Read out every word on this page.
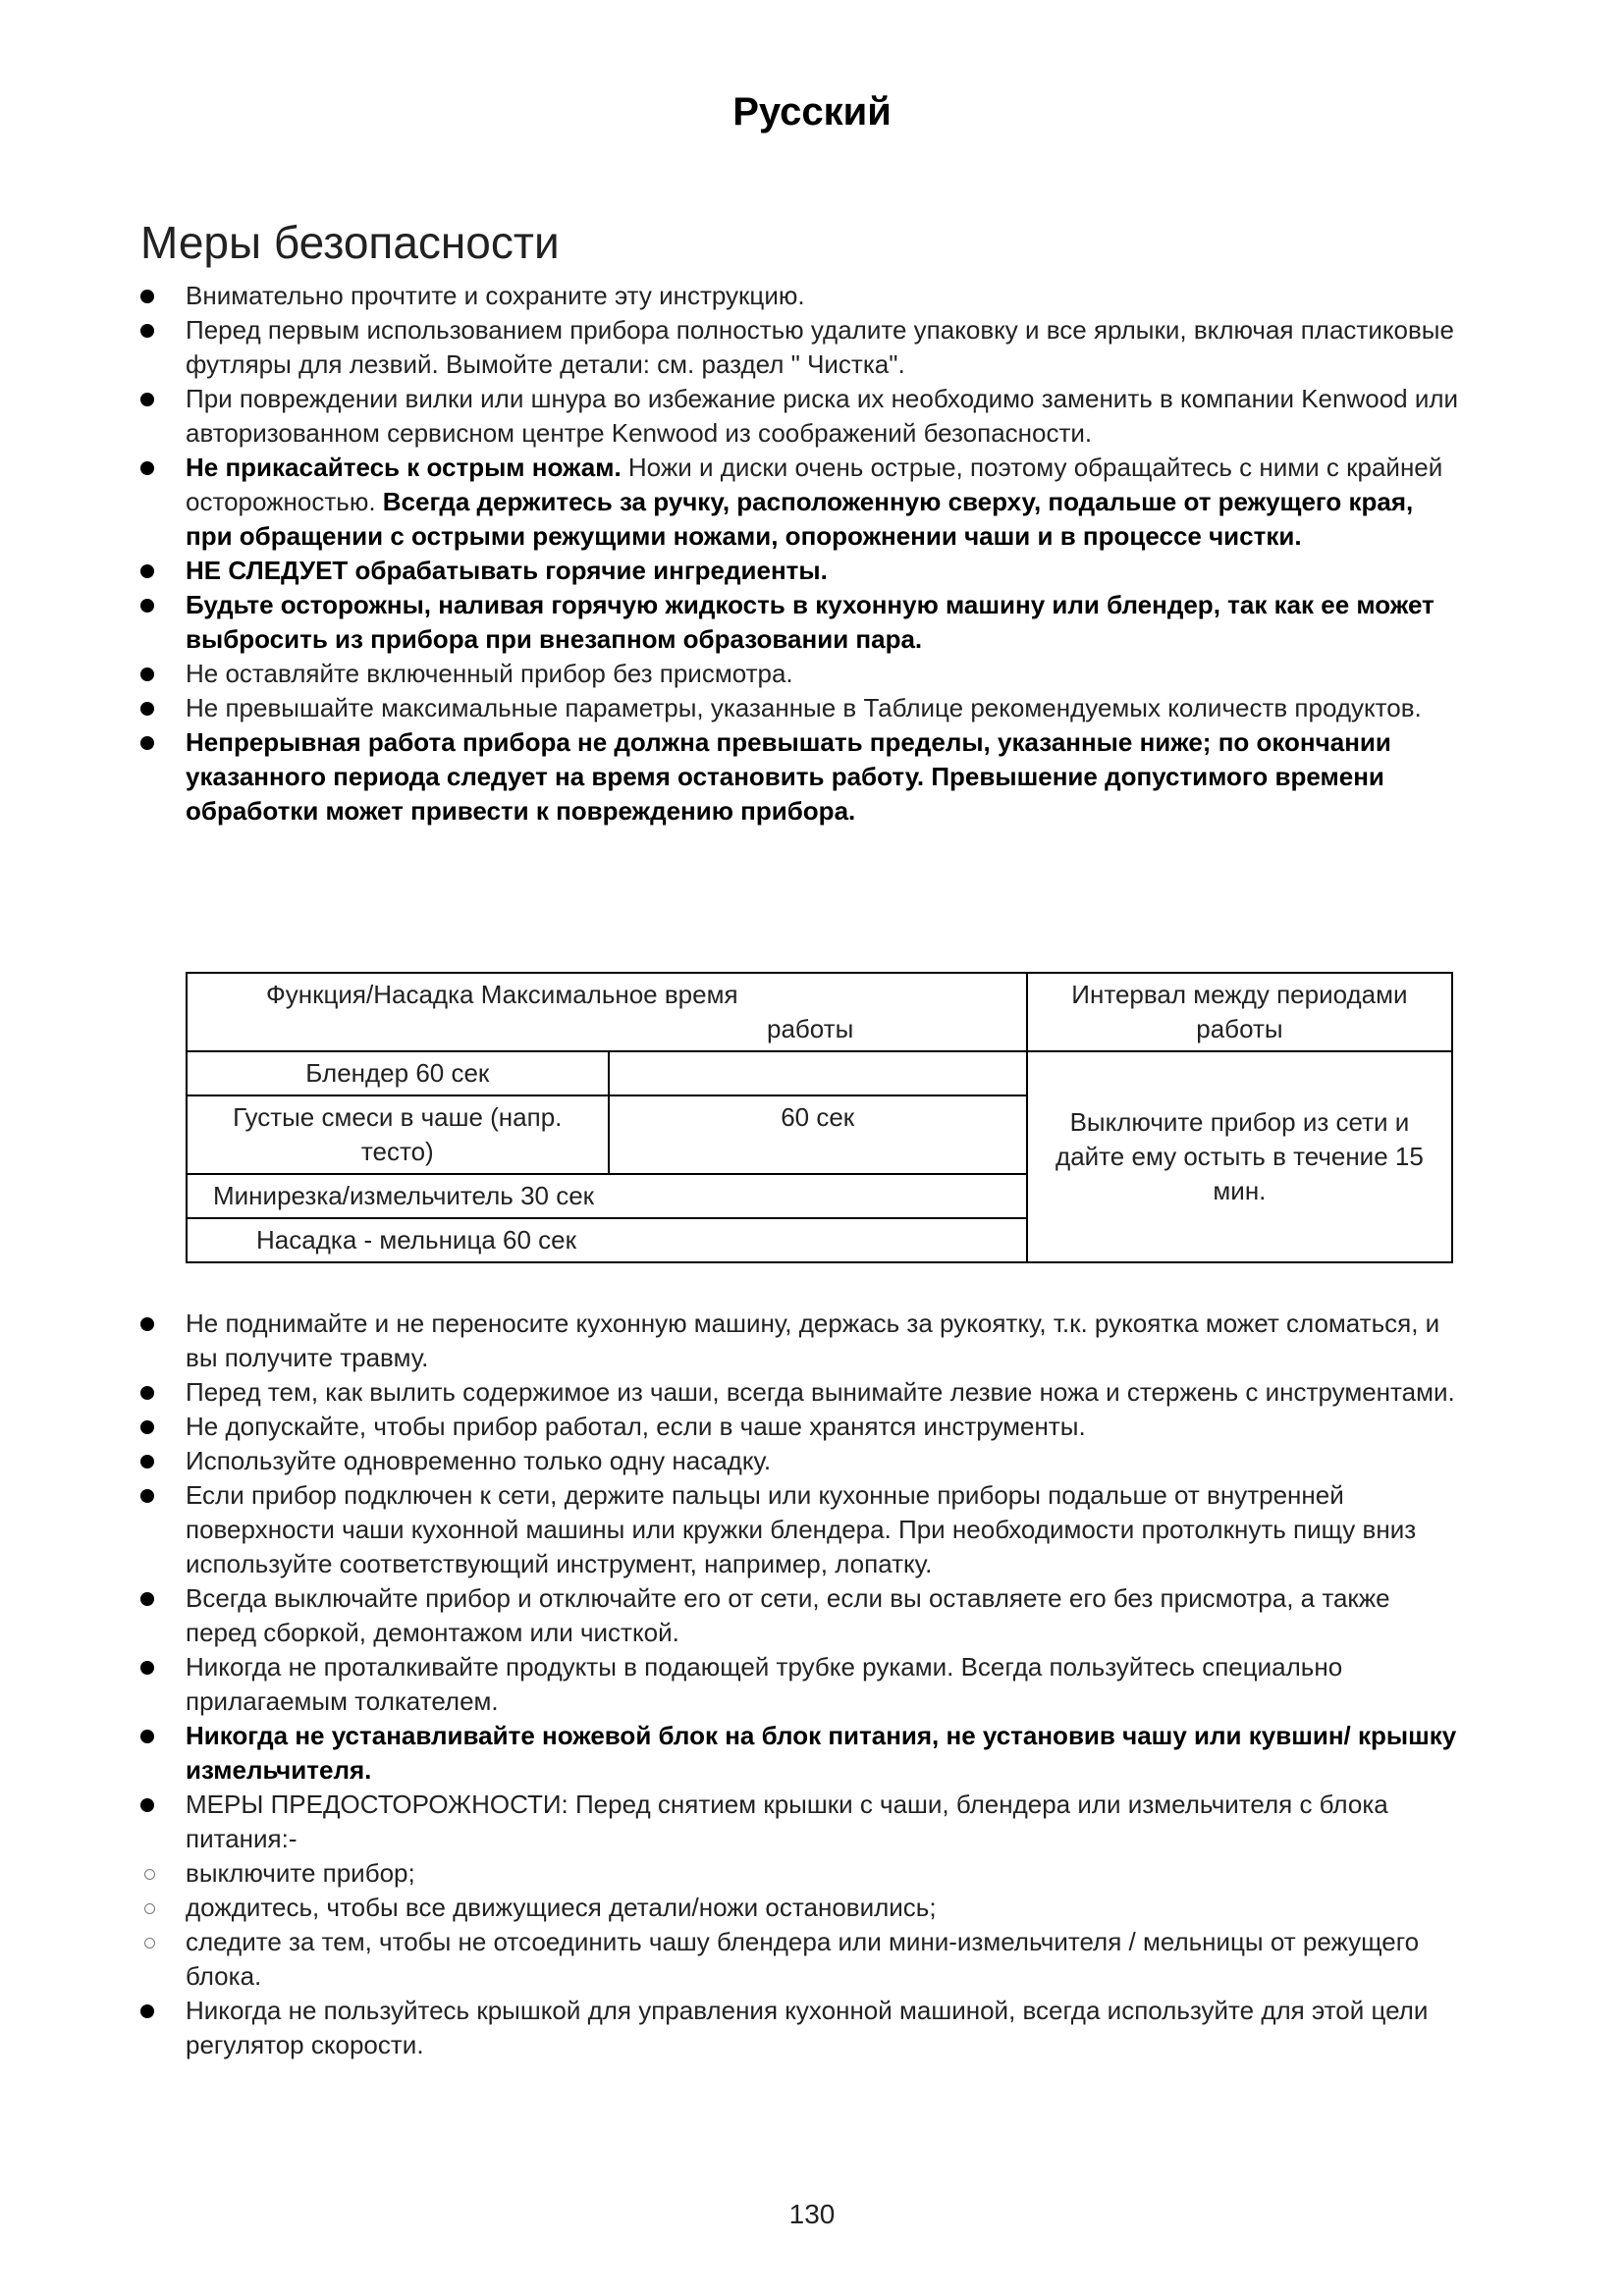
Русский
Меры безопасности
Внимательно прочтите и сохраните эту инструкцию.
Перед первым использованием прибора полностью удалите упаковку и все ярлыки, включая пластиковые футляры для лезвий. Вымойте детали: см. раздел " Чистка".
При повреждении вилки или шнура во избежание риска их необходимо заменить в компании Kenwood или авторизованном сервисном центре Kenwood из соображений безопасности.
Не прикасайтесь к острым ножам. Ножи и диски очень острые, поэтому обращайтесь с ними с крайней осторожностью. Всегда держитесь за ручку, расположенную сверху, подальше от режущего края, при обращении с острыми режущими ножами, опорожнении чаши и в процессе чистки.
НЕ СЛЕДУЕТ обрабатывать горячие ингредиенты.
Будьте осторожны, наливая горячую жидкость в кухонную машину или блендер, так как ее может выбросить из прибора при внезапном образовании пара.
Не оставляйте включенный прибор без присмотра.
Не превышайте максимальные параметры, указанные в Таблице рекомендуемых количеств продуктов.
Непрерывная работа прибора не должна превышать пределы, указанные ниже; по окончании указанного периода следует на время остановить работу. Превышение допустимого времени обработки может привести к повреждению прибора.
Функция/Насадка Максимальное время
работы		Интервал между периодами работы
Блендер 60 сек		Выключите прибор из сети и дайте ему остыть в течение 15 мин.
Густые смеси в чаше (напр. тесто)	60 сек	
Минирезка/измельчитель 30 сек		
Насадка - мельница 60 сек		
Не поднимайте и не переносите кухонную машину, держась за рукоятку, т.к. рукоятка может сломаться, и вы получите травму.
Перед тем, как вылить содержимое из чаши, всегда вынимайте лезвие ножа и стержень с инструментами.
Не допускайте, чтобы прибор работал, если в чаше хранятся инструменты.
Используйте одновременно только одну насадку.
Если прибор подключен к сети, держите пальцы или кухонные приборы подальше от внутренней поверхности чаши кухонной машины или кружки блендера. При необходимости протолкнуть пищу вниз используйте соответствующий инструмент, например, лопатку.
Всегда выключайте прибор и отключайте его от сети, если вы оставляете его без присмотра, а также перед сборкой, демонтажом или чисткой.
Никогда не проталкивайте продукты в подающей трубке руками. Всегда пользуйтесь специально прилагаемым толкателем.
Никогда не устанавливайте ножевой блок на блок питания, не установив чашу или кувшин/ крышку измельчителя.
МЕРЫ ПРЕДОСТОРОЖНОСТИ: Перед снятием крышки с чаши, блендера или измельчителя с блока питания:-
выключите прибор;
дождитесь, чтобы все движущиеся детали/ножи остановились;
следите за тем, чтобы не отсоединить чашу блендера или мини-измельчителя / мельницы от режущего блока.
Никогда не пользуйтесь крышкой для управления кухонной машиной, всегда используйте для этой цели регулятор скорости.
130
